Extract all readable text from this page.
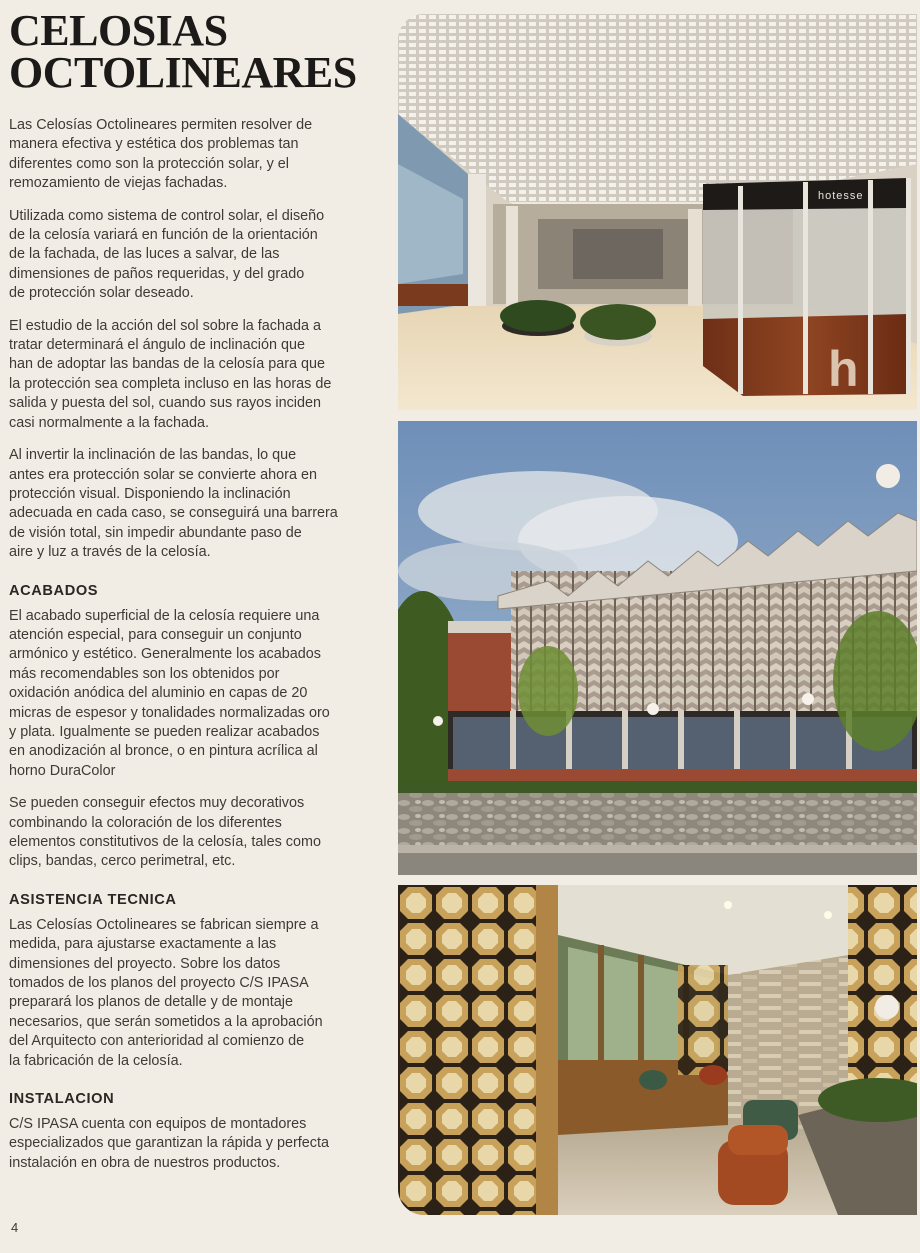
CELOSIAS
OCTOLINEARES

Las Celosías Octolineares permiten resolver de
manera efectiva y estética dos problemas tan
diferentes como son la protección solar, y el
remozamiento de viejas fachadas.

Utilizada como sistema de control solar, el diseño
de la celosía variará en función de la orientación
de la fachada, de las luces a salvar, de las
dimensiones de paños requeridas, y del grado
de protección solar deseado.

El estudio de la acción del sol sobre la fachada a
tratar determinará el ángulo de inclinación que
han de adoptar las bandas de la celosía para que
la protección sea completa incluso en las horas de
salida y puesta del sol, cuando sus rayos inciden
casi normalmente a la fachada.

Al invertir la inclinación de las bandas, lo que
antes era protección solar se convierte ahora en
protección visual. Disponiendo la inclinación
adecuada en cada caso, se conseguirá una barrera
de visión total, sin impedir abundante paso de
aire y luz a través de la celosía.

ACABADOS

El acabado superficial de la celosía requiere una
atención especial, para conseguir un conjunto
armónico y estético. Generalmente los acabados
más recomendables son los obtenidos por
oxidación anódica del aluminio en capas de 20
micras de espesor y tonalidades normalizadas oro
y plata. Igualmente se pueden realizar acabados
en anodización al bronce, o en pintura acrílica al
horno DuraColor

Se pueden conseguir efectos muy decorativos
combinando la coloración de los diferentes
elementos constitutivos de la celosía, tales como
clips, bandas, cerco perimetral, etc.

ASISTENCIA TECNICA

Las Celosías Octolineares se fabrican siempre a
medida, para ajustarse exactamente a las
dimensiones del proyecto. Sobre los datos
tomados de los planos del proyecto C/S IPASA
preparará los planos de detalle y de montaje
necesarios, que serán sometidos a la aprobación
del Arquitecto con anterioridad al comienzo de
la fabricación de la celosía.

INSTALACION

C/S IPASA cuenta con equipos de montadores
especializados que garantizan la rápida y perfecta
instalación en obra de nuestros productos.

4
hotesse
h
